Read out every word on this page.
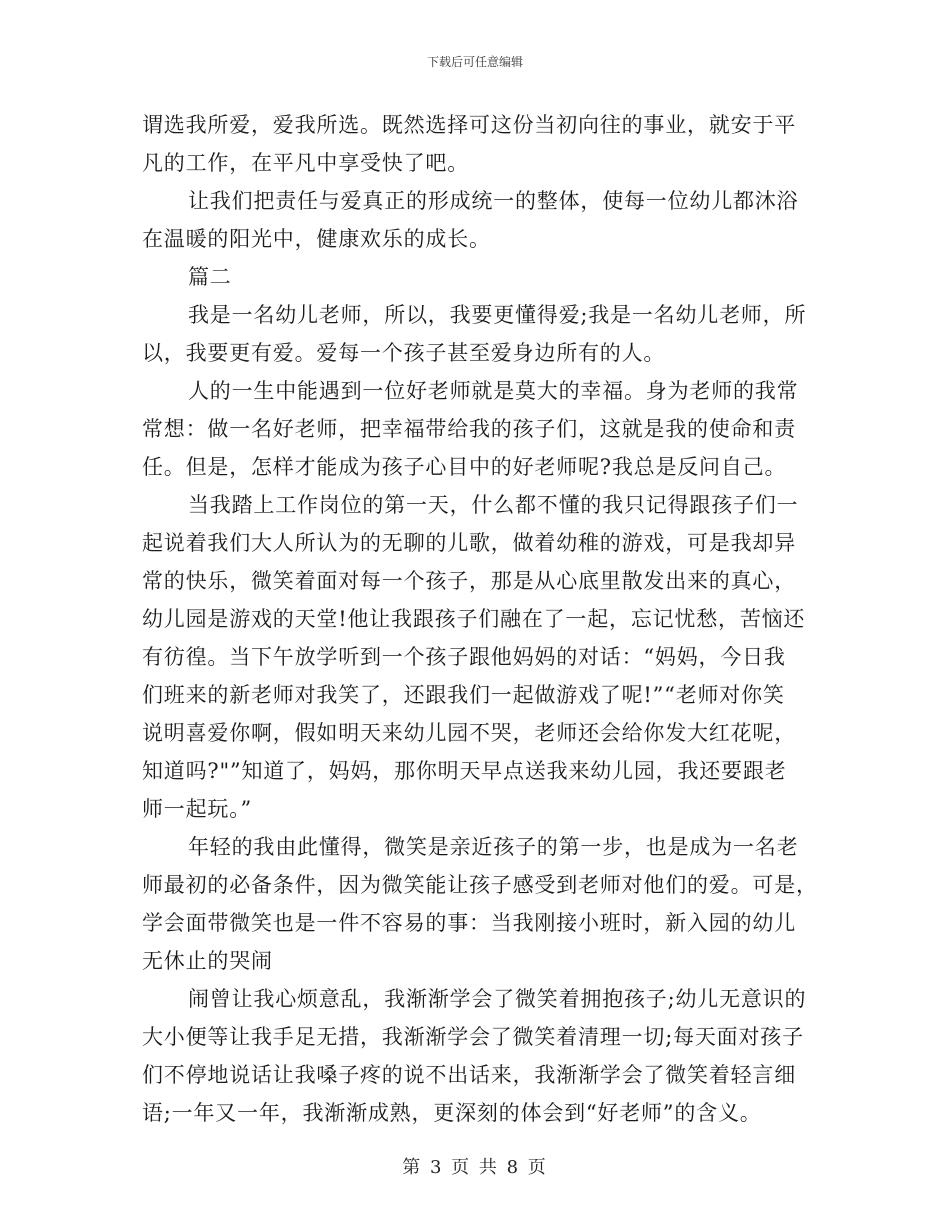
下载后可任意编辑
谓选我所爱，爱我所选。既然选择可这份当初向往的事业，就安于平
凡的工作，在平凡中享受快了吧。
让我们把责任与爱真正的形成统一的整体，使每一位幼儿都沐浴
在温暖的阳光中，健康欢乐的成长。
篇二
我是一名幼儿老师，所以，我要更懂得爱;我是一名幼儿老师，所
以，我要更有爱。爱每一个孩子甚至爱身边所有的人。
人的一生中能遇到一位好老师就是莫大的幸福。身为老师的我常
常想：做一名好老师，把幸福带给我的孩子们，这就是我的使命和责
任。但是，怎样才能成为孩子心目中的好老师呢?我总是反问自己。
当我踏上工作岗位的第一天，什么都不懂的我只记得跟孩子们一
起说着我们大人所认为的无聊的儿歌，做着幼稚的游戏，可是我却异
常的快乐，微笑着面对每一个孩子，那是从心底里散发出来的真心，
幼儿园是游戏的天堂!他让我跟孩子们融在了一起，忘记忧愁，苦恼还
有彷徨。当下午放学听到一个孩子跟他妈妈的对话：“妈妈，今日我
们班来的新老师对我笑了，还跟我们一起做游戏了呢!”“老师对你笑
说明喜爱你啊，假如明天来幼儿园不哭，老师还会给你发大红花呢，
知道吗?"”知道了，妈妈，那你明天早点送我来幼儿园，我还要跟老
师一起玩。”
年轻的我由此懂得，微笑是亲近孩子的第一步，也是成为一名老
师最初的必备条件，因为微笑能让孩子感受到老师对他们的爱。可是，
学会面带微笑也是一件不容易的事：当我刚接小班时，新入园的幼儿
无休止的哭闹
闹曾让我心烦意乱，我渐渐学会了微笑着拥抱孩子;幼儿无意识的
大小便等让我手足无措，我渐渐学会了微笑着清理一切;每天面对孩子
们不停地说话让我嗓子疼的说不出话来，我渐渐学会了微笑着轻言细
语;一年又一年，我渐渐成熟，更深刻的体会到“好老师”的含义。
第 3 页 共 8 页
